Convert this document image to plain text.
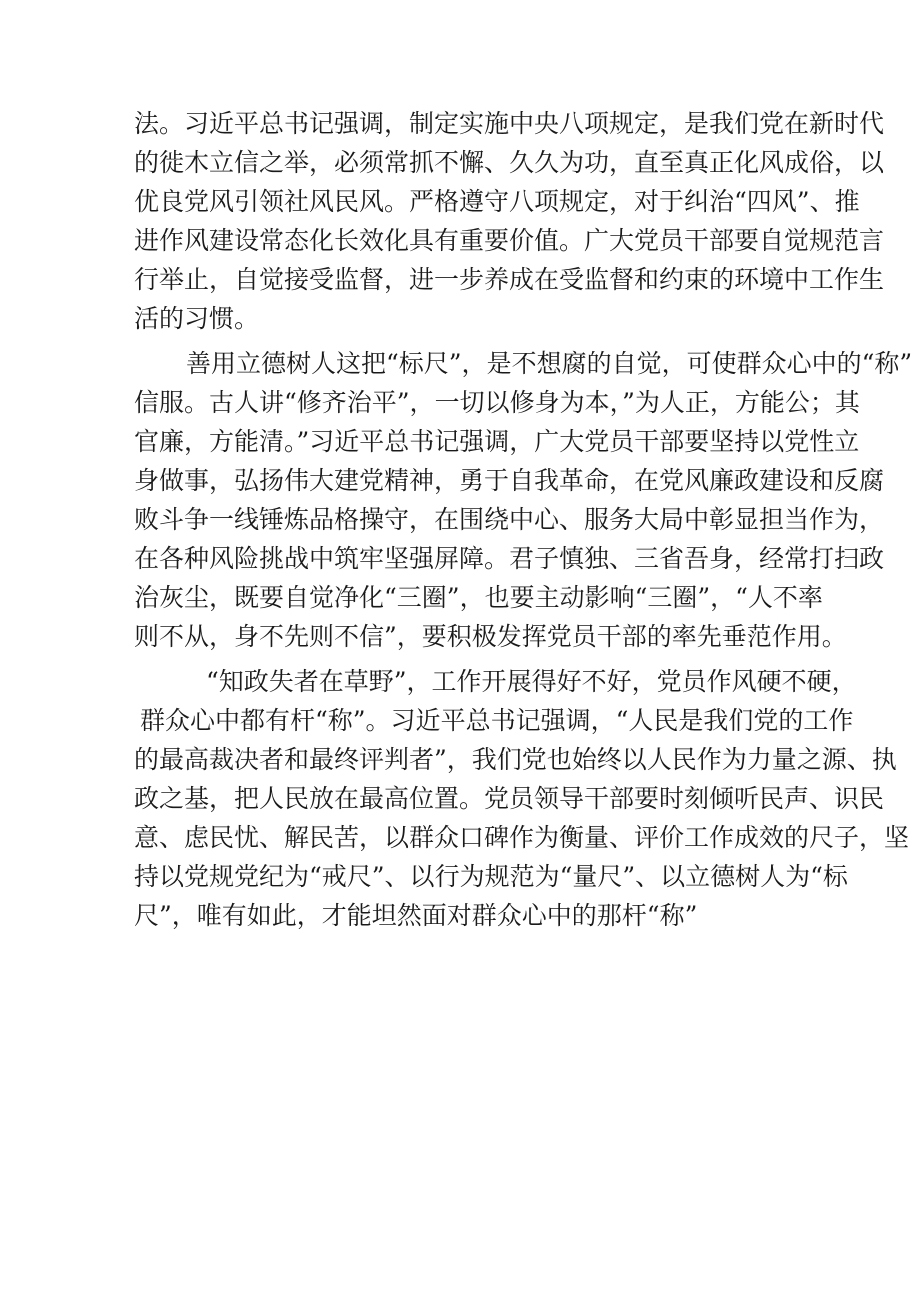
法。习近平总书记强调，制定实施中央八项规定，是我们党在新时代
的徙木立信之举，必须常抓不懈、久久为功，直至真正化风成俗，以
优良党风引领社风民风。严格遵守八项规定，对于纠治“四风”、推
进作风建设常态化长效化具有重要价值。广大党员干部要自觉规范言
行举止，自觉接受监督，进一步养成在受监督和约束的环境中工作生
活的习惯。
善用立德树人这把“标尺”，是不想腐的自觉，可使群众心中的“称”
信服。古人讲“修齐治平”，一切以修身为本，”为人正，方能公；其
官廉，方能清。”习近平总书记强调，广大党员干部要坚持以党性立
身做事，弘扬伟大建党精神，勇于自我革命，在党风廉政建设和反腐
败斗争一线锤炼品格操守，在围绕中心、服务大局中彰显担当作为，
在各种风险挑战中筑牢坚强屏障。君子慎独、三省吾身，经常打扫政
治灰尘，既要自觉净化“三圈”，也要主动影响“三圈”，“人不率
则不从，身不先则不信”，要积极发挥党员干部的率先垂范作用。
“知政失者在草野”，工作开展得好不好，党员作风硬不硬，
群众心中都有杆“称”。习近平总书记强调，“人民是我们党的工作
的最高裁决者和最终评判者”，我们党也始终以人民作为力量之源、执
政之基，把人民放在最高位置。党员领导干部要时刻倾听民声、识民
意、虑民忧、解民苦，以群众口碑作为衡量、评价工作成效的尺子，坚
持以党规党纪为“戒尺”、以行为规范为“量尺”、以立德树人为“标
尺”，唯有如此，才能坦然面对群众心中的那杆“称”
